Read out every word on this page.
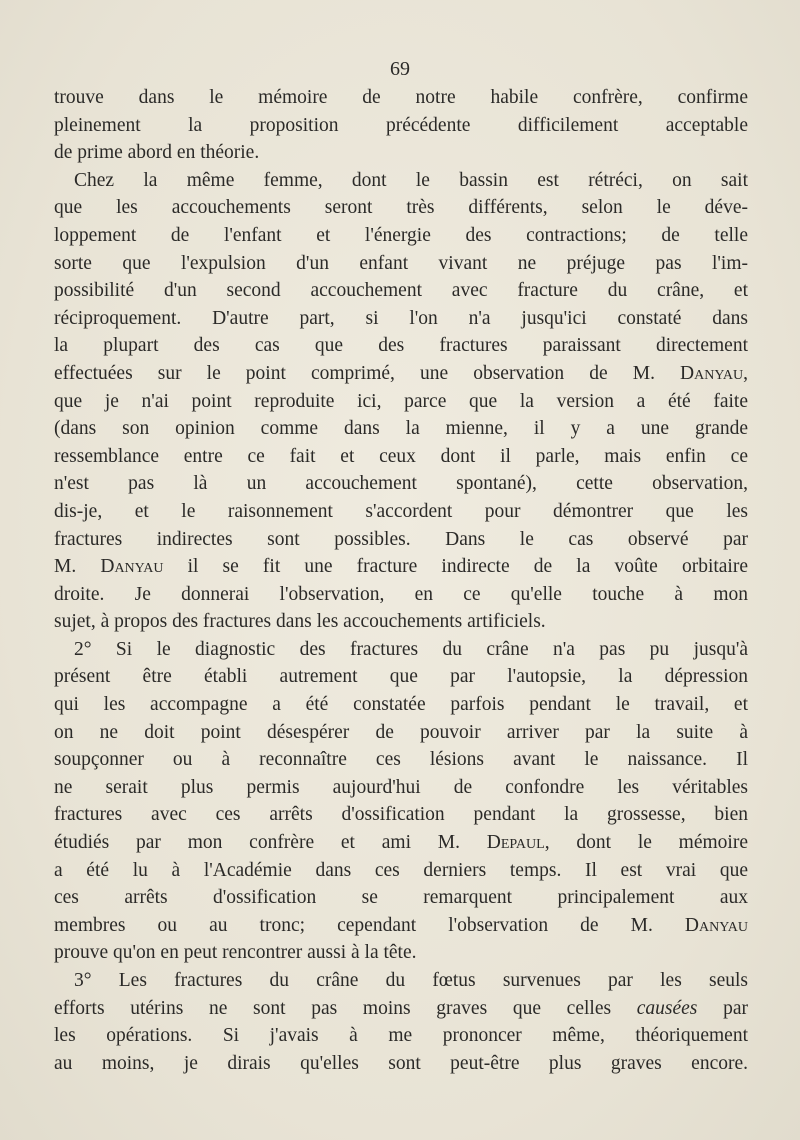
69
trouve dans le mémoire de notre habile confrère, confirme
pleinement la proposition précédente difficilement acceptable
de prime abord en théorie.
Chez la même femme, dont le bassin est rétréci, on sait
que les accouchements seront très différents, selon le déve-
loppement de l'enfant et l'énergie des contractions; de telle
sorte que l'expulsion d'un enfant vivant ne préjuge pas l'im-
possibilité d'un second accouchement avec fracture du crâne, et
réciproquement. D'autre part, si l'on n'a jusqu'ici constaté dans
la plupart des cas que des fractures paraissant directement
effectuées sur le point comprimé, une observation de M. Danyau,
que je n'ai point reproduite ici, parce que la version a été faite
(dans son opinion comme dans la mienne, il y a une grande
ressemblance entre ce fait et ceux dont il parle, mais enfin ce
n'est pas là un accouchement spontané), cette observation,
dis-je, et le raisonnement s'accordent pour démontrer que les
fractures indirectes sont possibles. Dans le cas observé par
M. Danyau il se fit une fracture indirecte de la voûte orbitaire
droite. Je donnerai l'observation, en ce qu'elle touche à mon
sujet, à propos des fractures dans les accouchements artificiels.
2° Si le diagnostic des fractures du crâne n'a pas pu jusqu'à
présent être établi autrement que par l'autopsie, la dépression
qui les accompagne a été constatée parfois pendant le travail, et
on ne doit point désespérer de pouvoir arriver par la suite à
soupçonner ou à reconnaître ces lésions avant le naissance. Il
ne serait plus permis aujourd'hui de confondre les véritables
fractures avec ces arrêts d'ossification pendant la grossesse, bien
étudiés par mon confrère et ami M. Depaul, dont le mémoire
a été lu à l'Académie dans ces derniers temps. Il est vrai que
ces arrêts d'ossification se remarquent principalement aux
membres ou au tronc; cependant l'observation de M. Danyau
prouve qu'on en peut rencontrer aussi à la tête.
3° Les fractures du crâne du fœtus survenues par les seuls
efforts utérins ne sont pas moins graves que celles causées par
les opérations. Si j'avais à me prononcer même, théoriquement
au moins, je dirais qu'elles sont peut-être plus graves encore.
